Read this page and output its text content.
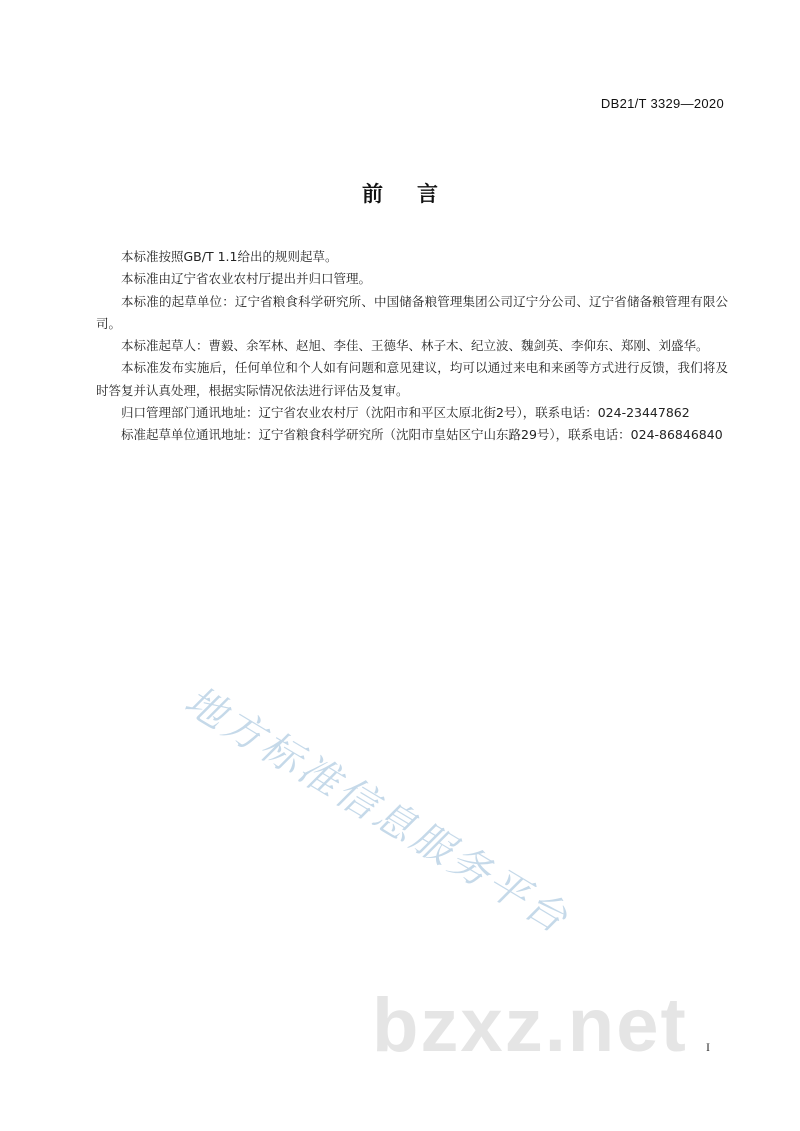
DB21/T 3329—2020
前言

本标准按照GB/T 1.1给出的规则起草。

本标准由辽宁省农业农村厅提出并归口管理。

本标准的起草单位：辽宁省粮食科学研究所、中国储备粮管理集团公司辽宁分公司、辽宁省储备粮管理有限公司。

本标准起草人：曹毅、余军林、赵旭、李佳、王德华、林子木、纪立波、魏剑英、李仰东、郑刚、刘盛华。

本标准发布实施后，任何单位和个人如有问题和意见建议，均可以通过来电和来函等方式进行反馈，我们将及时答复并认真处理，根据实际情况依法进行评估及复审。

归口管理部门通讯地址：辽宁省农业农村厅（沈阳市和平区太原北街2号），联系电话：024-23447862

标准起草单位通讯地址：辽宁省粮食科学研究所（沈阳市皇姑区宁山东路29号），联系电话：024-86846840

地方标准信息服务平台
bzxz.net I
